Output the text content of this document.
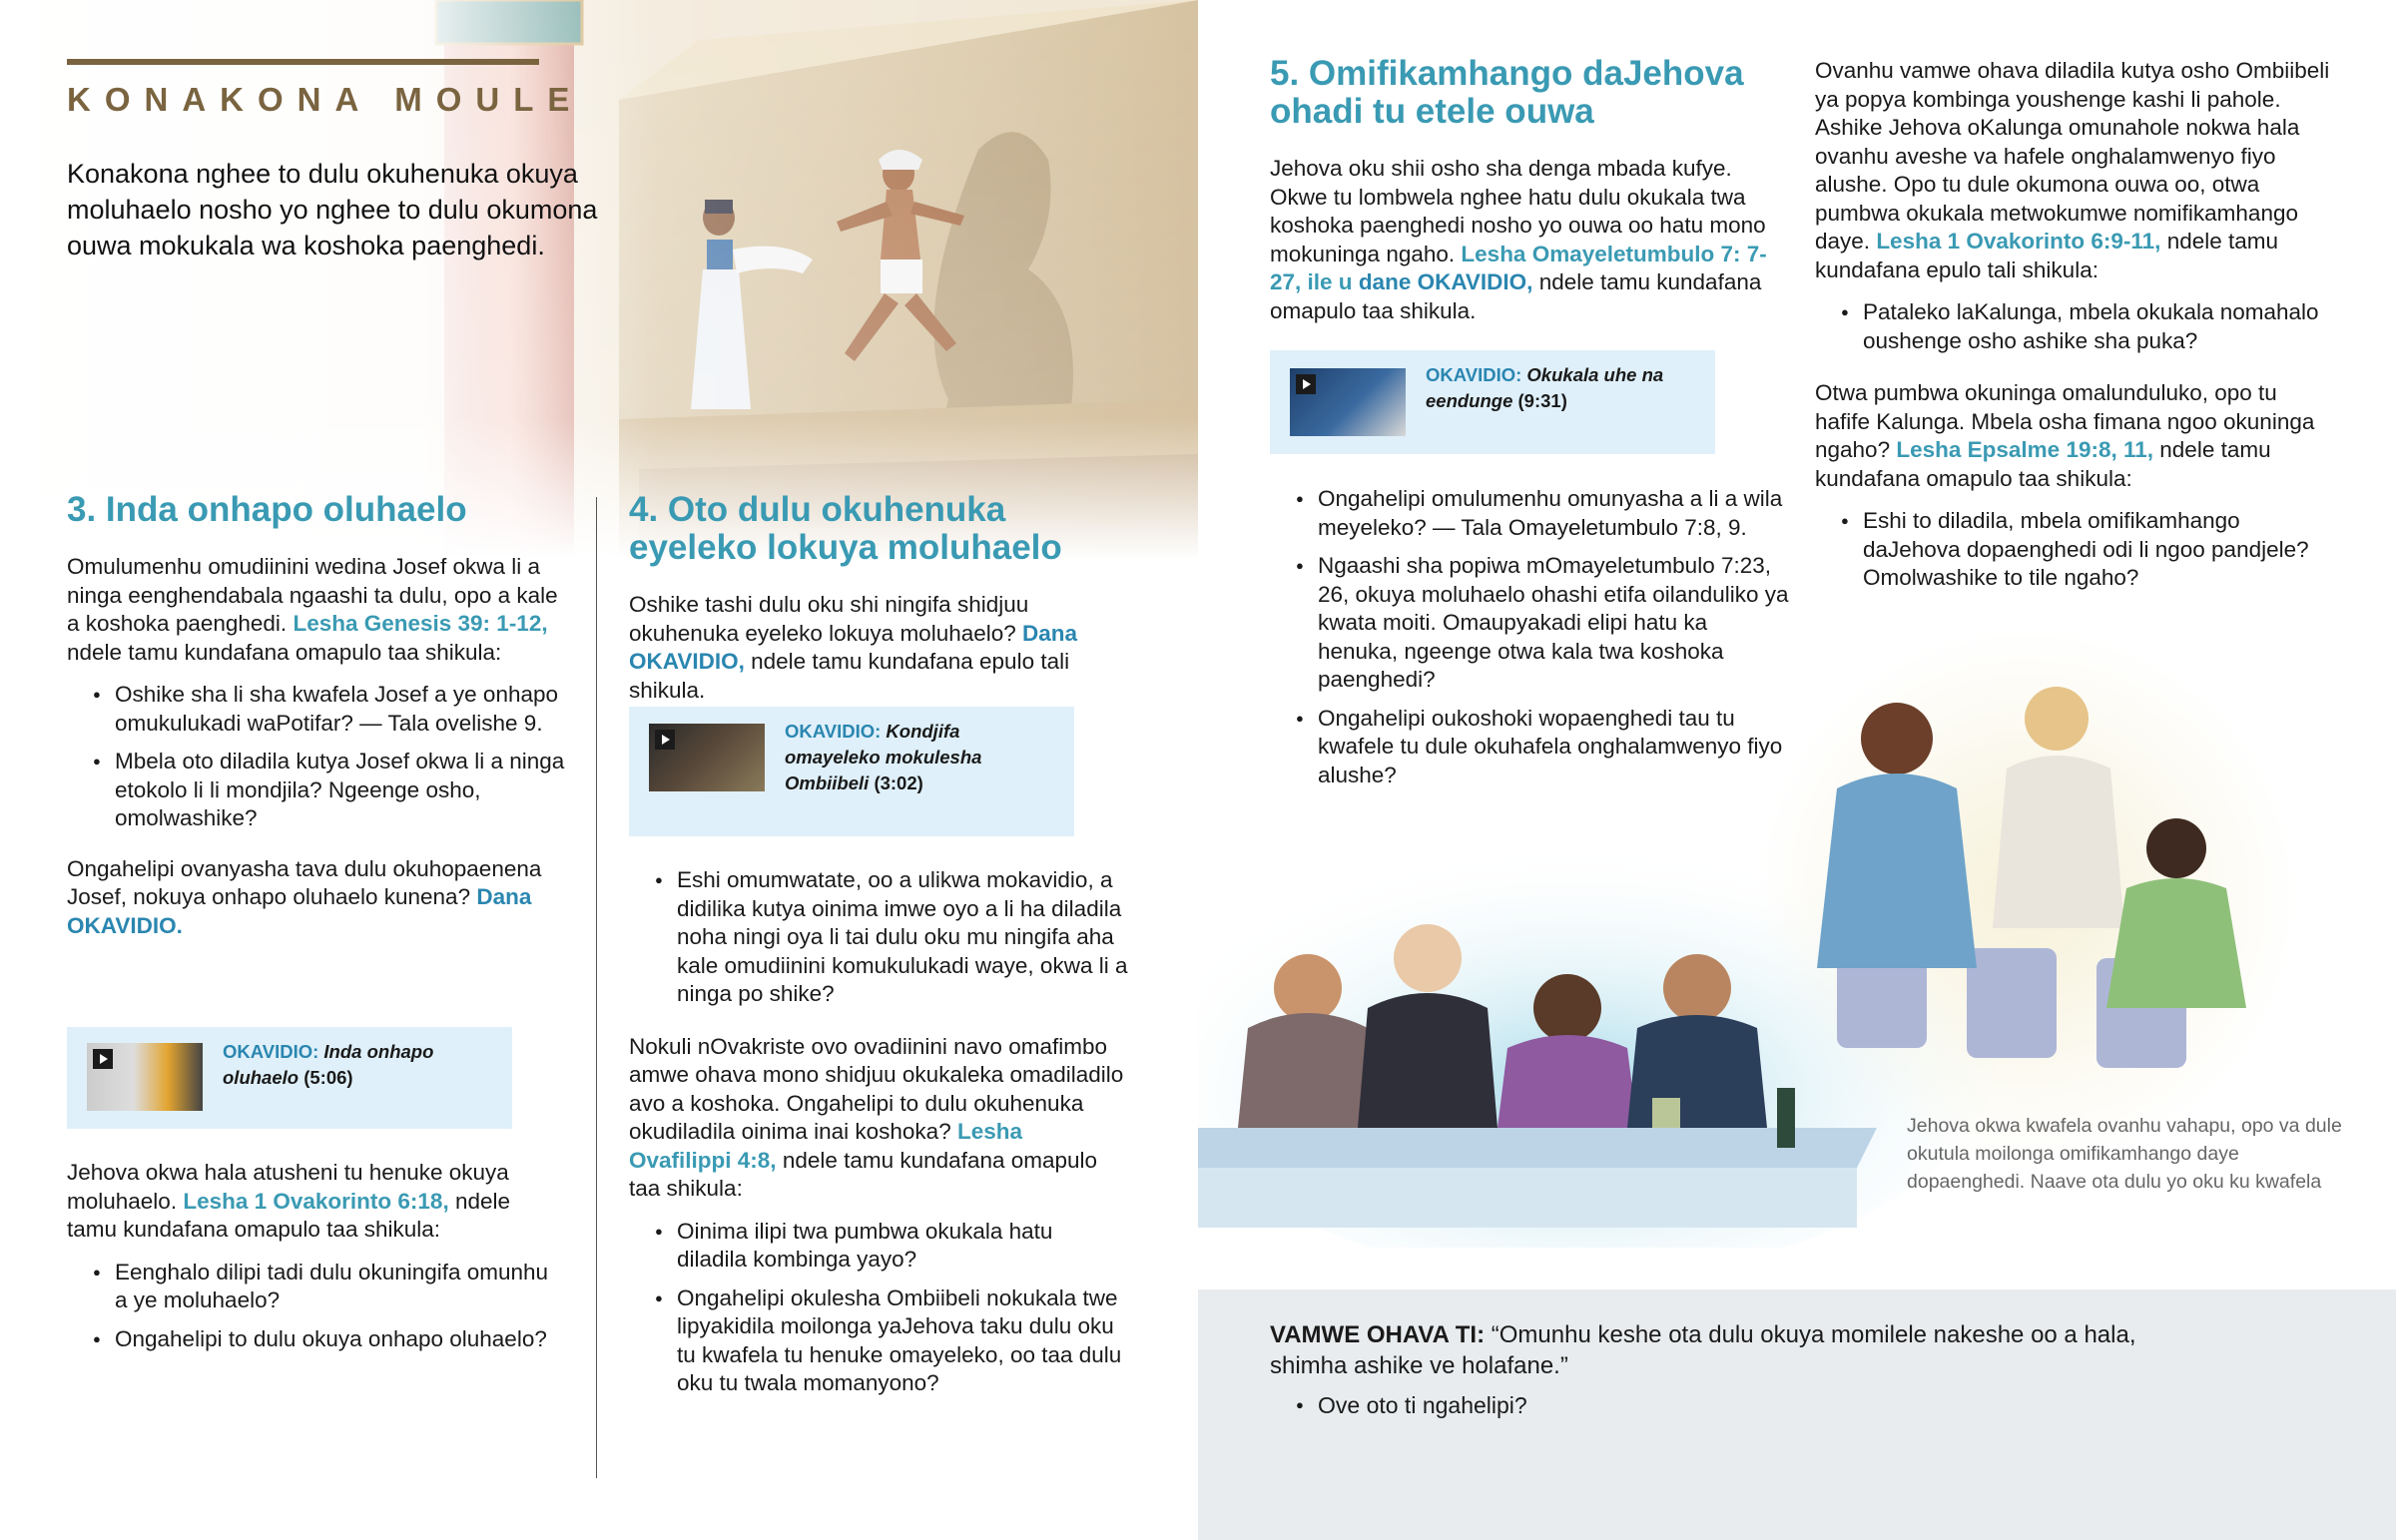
KONAKONA MOULE
Konakona nghee to dulu okuhenuka okuya moluhaelo nosho yo nghee to dulu okumona ouwa mokukala wa koshoka paenghedi.
3. Inda onhapo oluhaelo

Omulumenhu omudiinini wedina Josef okwa li a ninga eenghendabala ngaashi ta dulu, opo a kale a koshoka paenghedi. Lesha Genesis 39: 1-12, ndele tamu kundafana omapulo taa shikula:

● Oshike sha li sha kwafela Josef a ye onhapo omukulukadi waPotifar? — Tala ovelishe 9.
● Mbela oto diladila kutya Josef okwa li a ninga etokolo li li mondjila? Ngeenge osho, omolwashike?

Ongahelipi ovanyasha tava dulu okuhopaenena Josef, nokuya onhapo oluhaelo kunena? Dana OKAVIDIO.

OKAVIDIO: Inda onhapo oluhaelo (5:06)

Jehova okwa hala atusheni tu henuke okuya moluhaelo. Lesha 1 Ovakorinto 6:18, ndele tamu kundafana omapulo taa shikula:

● Eenghalo dilipi tadi dulu okuningifa omunhu a ye moluhaelo?
● Ongahelipi to dulu okuya onhapo oluhaelo?
4. Oto dulu okuhenuka eyeleko lokuya moluhaelo

Oshike tashi dulu oku shi ningifa shidjuu okuhenuka eyeleko lokuya moluhaelo? Dana OKAVIDIO, ndele tamu kundafana epulo tali shikula.

OKAVIDIO: Kondjifa omayeleko mokulesha Ombiibeli (3:02)
● Eshi omumwatate, oo a ulikwa mokavidio, a didilika kutya oinima imwe oyo a li ha diladila noha ningi oya li tai dulu oku mu ningifa aha kale omudiinini komukulukadi waye, okwa li a ninga po shike?

Nokuli nOvakriste ovo ovadiinini navo omafimbo amwe ohava mono shidjuu okukaleka omadiladilo avo a koshoka. Ongahelipi to dulu okuhenuka okudiladila oinima inai koshoka? Lesha Ovafilippi 4:8, ndele tamu kundafana omapulo taa shikula:

● Oinima ilipi twa pumbwa okukala hatu diladila kombinga yayo?
● Ongahelipi okulesha Ombiibeli nokukala twe lipyakidila moilonga yaJehova taku dulu oku tu kwafela tu henuke omayeleko, oo taa dulu oku tu twala momanyono?
5. Omifikamhango daJehova ohadi tu etele ouwa

Jehova oku shii osho sha denga mbada kufye. Okwe tu lombwela nghee hatu dulu okukala twa koshoka paenghedi nosho yo ouwa oo hatu mono mokuninga ngaho. Lesha Omayeletumbulo 7: 7-27, ile u dane OKAVIDIO, ndele tamu kundafana omapulo taa shikula.

OKAVIDIO: Okukala uhe na eendunge (9:31)
● Ongahelipi omulumenhu omunyasha a li a wila meyeleko? — Tala Omayeletumbulo 7:8, 9.
● Ngaashi sha popiwa mOmayeletumbulo 7:23, 26, okuya moluhaelo ohashi etifa oilanduliko ya kwata moiti. Omaupyakadi elipi hatu ka henuka, ngeenge otwa kala twa koshoka paenghedi?
● Ongahelipi oukoshoki wopaenghedi tau tu kwafele tu dule okuhafela onghalamwenyo fiyo alushe?

Ovanhu vamwe ohava diladila kutya osho Ombiibeli ya popya kombinga youshenge kashi li pahole. Ashike Jehova oKalunga omunahole nokwa hala ovanhu aveshe va hafele onghalamwenyo fiyo alushe. Opo tu dule okumona ouwa oo, otwa pumbwa okukala metwokumwe nomifikamhango daye. Lesha 1 Ovakorinto 6:9-11, ndele tamu kundafana epulo tali shikula:

● Pataleko laKalunga, mbela okukala nomahalo oushenge osho ashike sha puka?

Otwa pumbwa okuninga omalunduluko, opo tu hafife Kalunga. Mbela osha fimana ngoo okuninga ngaho? Lesha Epsalme 19:8, 11, ndele tamu kundafana omapulo taa shikula:

● Eshi to diladila, mbela omifikamhango daJehova dopaenghedi odi li ngoo pandjele? Omolwashike to tile ngaho?
Jehova okwa kwafela ovanhu vahapu, opo va dule okutula moilonga omifikamhango daye dopaenghedi. Naave ota dulu yo oku ku kwafela

VAMWE OHAVA TI: “Omunhu keshe ota dulu okuya momilele nakeshe oo a hala, shimha ashike ve holafane.”

● Ove oto ti ngahelipi?
